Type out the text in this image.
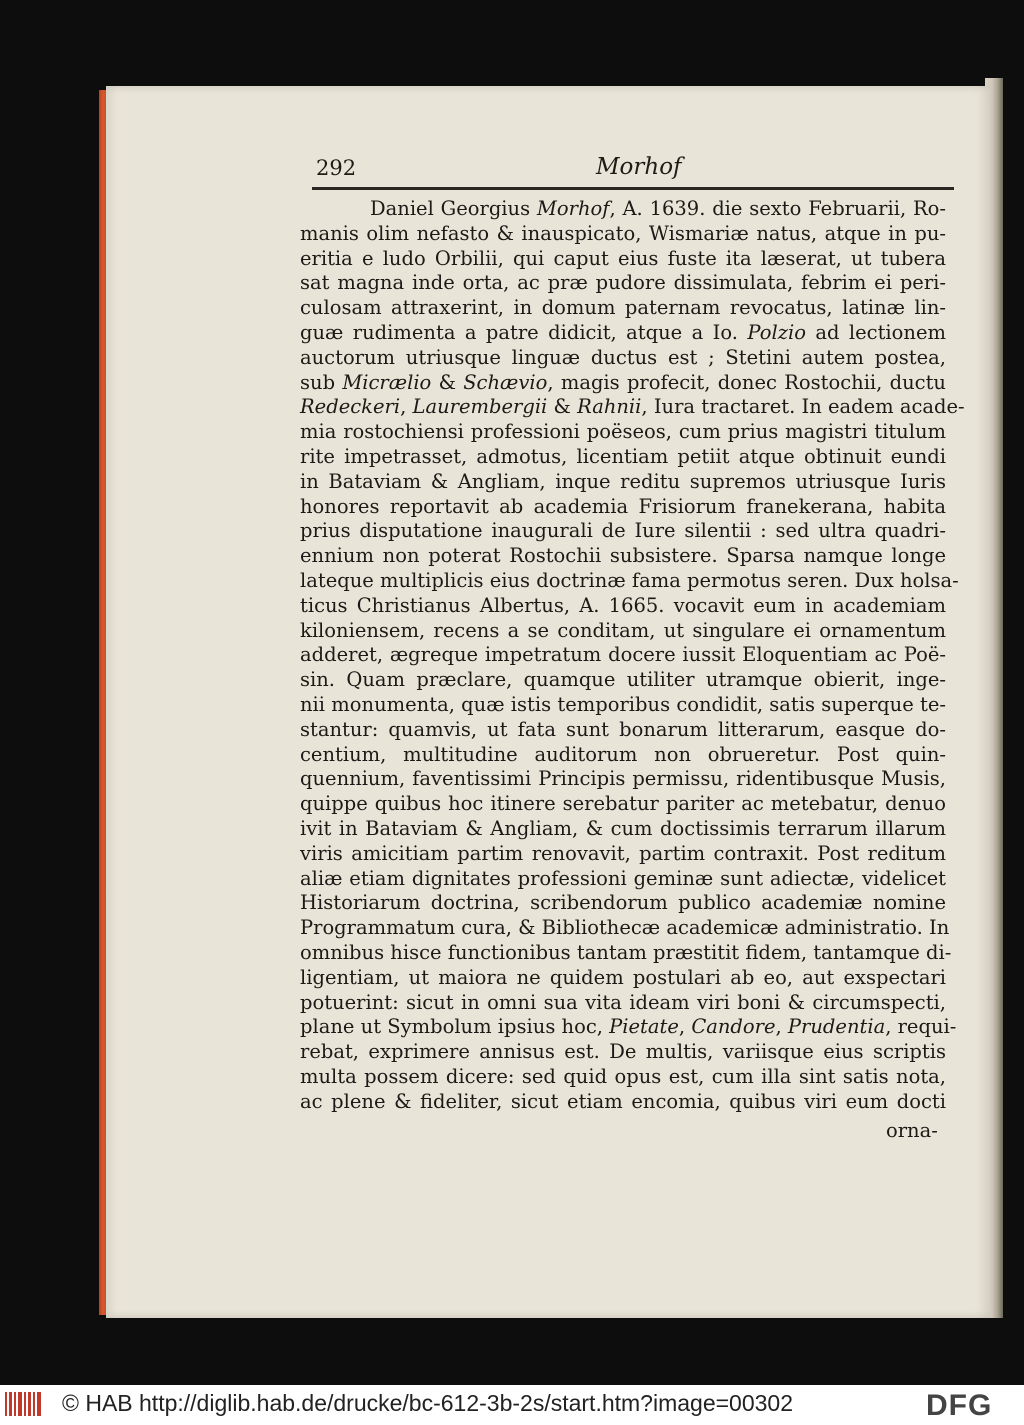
292	Morhof
Daniel Georgius Morhof, A. 1639. die sexto Februarii, Ro-
manis olim nefasto & inauspicato, Wismariæ natus, atque in pu-
eritia e ludo Orbilii, qui caput eius fuste ita læserat, ut tubera
sat magna inde orta, ac præ pudore dissimulata, febrim ei peri-
culosam attraxerint, in domum paternam revocatus, latinæ lin-
guæ rudimenta a patre didicit, atque a Io. Polzio ad lectionem
auctorum utriusque linguæ ductus est ; Stetini autem postea,
sub Micrælio & Schævio, magis profecit, donec Rostochii, ductu
Redeckeri, Laurembergii & Rahnii, Iura tractaret. In eadem acade-
mia rostochiensi professioni poëseos, cum prius magistri titulum
rite impetrasset, admotus, licentiam petiit atque obtinuit eundi
in Bataviam & Angliam, inque reditu supremos utriusque Iuris
honores reportavit ab academia Frisiorum franekerana, habita
prius disputatione inaugurali de Iure silentii : sed ultra quadri-
ennium non poterat Rostochii subsistere. Sparsa namque longe
lateque multiplicis eius doctrinæ fama permotus seren. Dux holsa-
ticus Christianus Albertus, A. 1665. vocavit eum in academiam
kiloniensem, recens a se conditam, ut singulare ei ornamentum
adderet, ægreque impetratum docere iussit Eloquentiam ac Poë-
sin. Quam præclare, quamque utiliter utramque obierit, inge-
nii monumenta, quæ istis temporibus condidit, satis superque te-
stantur: quamvis, ut fata sunt bonarum litterarum, easque do-
centium, multitudine auditorum non obrueretur. Post quin-
quennium, faventissimi Principis permissu, ridentibusque Musis,
quippe quibus hoc itinere serebatur pariter ac metebatur, denuo
ivit in Bataviam & Angliam, & cum doctissimis terrarum illarum
viris amicitiam partim renovavit, partim contraxit. Post reditum
aliæ etiam dignitates professioni geminæ sunt adiectæ, videlicet
Historiarum doctrina, scribendorum publico academiæ nomine
Programmatum cura, & Bibliothecæ academicæ administratio. In
omnibus hisce functionibus tantam præstitit fidem, tantamque di-
ligentiam, ut maiora ne quidem postulari ab eo, aut exspectari
potuerint: sicut in omni sua vita ideam viri boni & circumspecti,
plane ut Symbolum ipsius hoc, Pietate, Candore, Prudentia, requi-
rebat, exprimere annisus est. De multis, variisque eius scriptis
multa possem dicere: sed quid opus est, cum illa sint satis nota,
ac plene & fideliter, sicut etiam encomia, quibus viri eum docti
orna-
© HAB http://diglib.hab.de/drucke/bc-612-3b-2s/start.htm?image=00302	DFG
